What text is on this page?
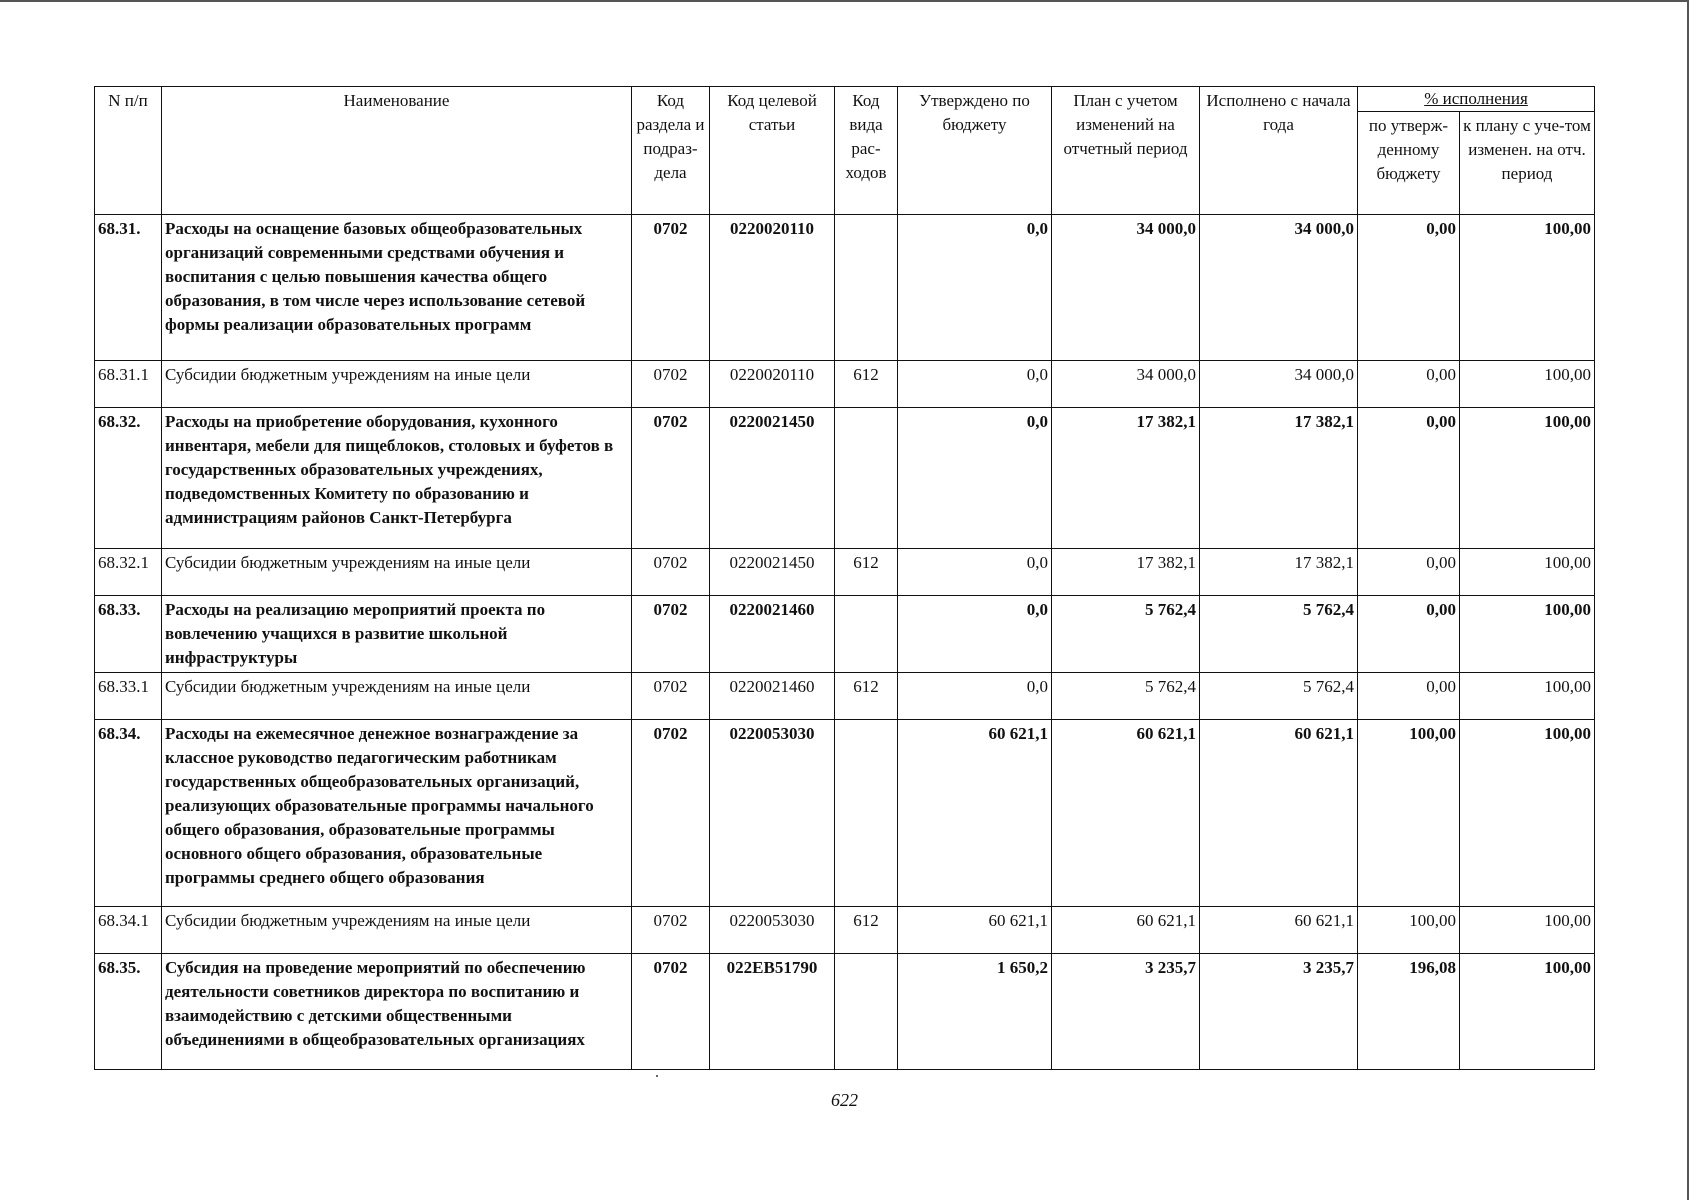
N п/п	Наименование	Код раздела и подраз-дела	Код целевой статьи	Код вида рас-ходов	Утверждено по бюджету	План с учетом изменений на отчетный период	Исполнено с начала года	% исполнения	
								по утверж-денному бюджету	к плану с уче-том изменен. на отч. период
68.31.	Расходы на оснащение базовых общеобразовательных организаций современными средствами обучения и воспитания с целью повышения качества общего образования, в том числе через использование сетевой формы реализации образовательных программ	0702	0220020110		0,0	34 000,0	34 000,0	0,00	100,00
68.31.1	Субсидии бюджетным учреждениям на иные цели	0702	0220020110	612	0,0	34 000,0	34 000,0	0,00	100,00
68.32.	Расходы на приобретение оборудования, кухонного инвентаря, мебели для пищеблоков, столовых и буфетов в государственных образовательных учреждениях, подведомственных Комитету по образованию и администрациям районов Санкт-Петербурга	0702	0220021450		0,0	17 382,1	17 382,1	0,00	100,00
68.32.1	Субсидии бюджетным учреждениям на иные цели	0702	0220021450	612	0,0	17 382,1	17 382,1	0,00	100,00
68.33.	Расходы на реализацию мероприятий проекта по вовлечению учащихся в развитие школьной инфраструктуры	0702	0220021460		0,0	5 762,4	5 762,4	0,00	100,00
68.33.1	Субсидии бюджетным учреждениям на иные цели	0702	0220021460	612	0,0	5 762,4	5 762,4	0,00	100,00
68.34.	Расходы на ежемесячное денежное вознаграждение за классное руководство педагогическим работникам государственных общеобразовательных организаций, реализующих образовательные программы начального общего образования, образовательные программы основного общего образования, образовательные программы среднего общего образования	0702	0220053030		60 621,1	60 621,1	60 621,1	100,00	100,00
68.34.1	Субсидии бюджетным учреждениям на иные цели	0702	0220053030	612	60 621,1	60 621,1	60 621,1	100,00	100,00
68.35.	Субсидия на проведение мероприятий по обеспечению деятельности советников директора по воспитанию и взаимодействию с детскими общественными объединениями в общеобразовательных организациях	0702	022EB51790		1 650,2	3 235,7	3 235,7	196,08	100,00
622
